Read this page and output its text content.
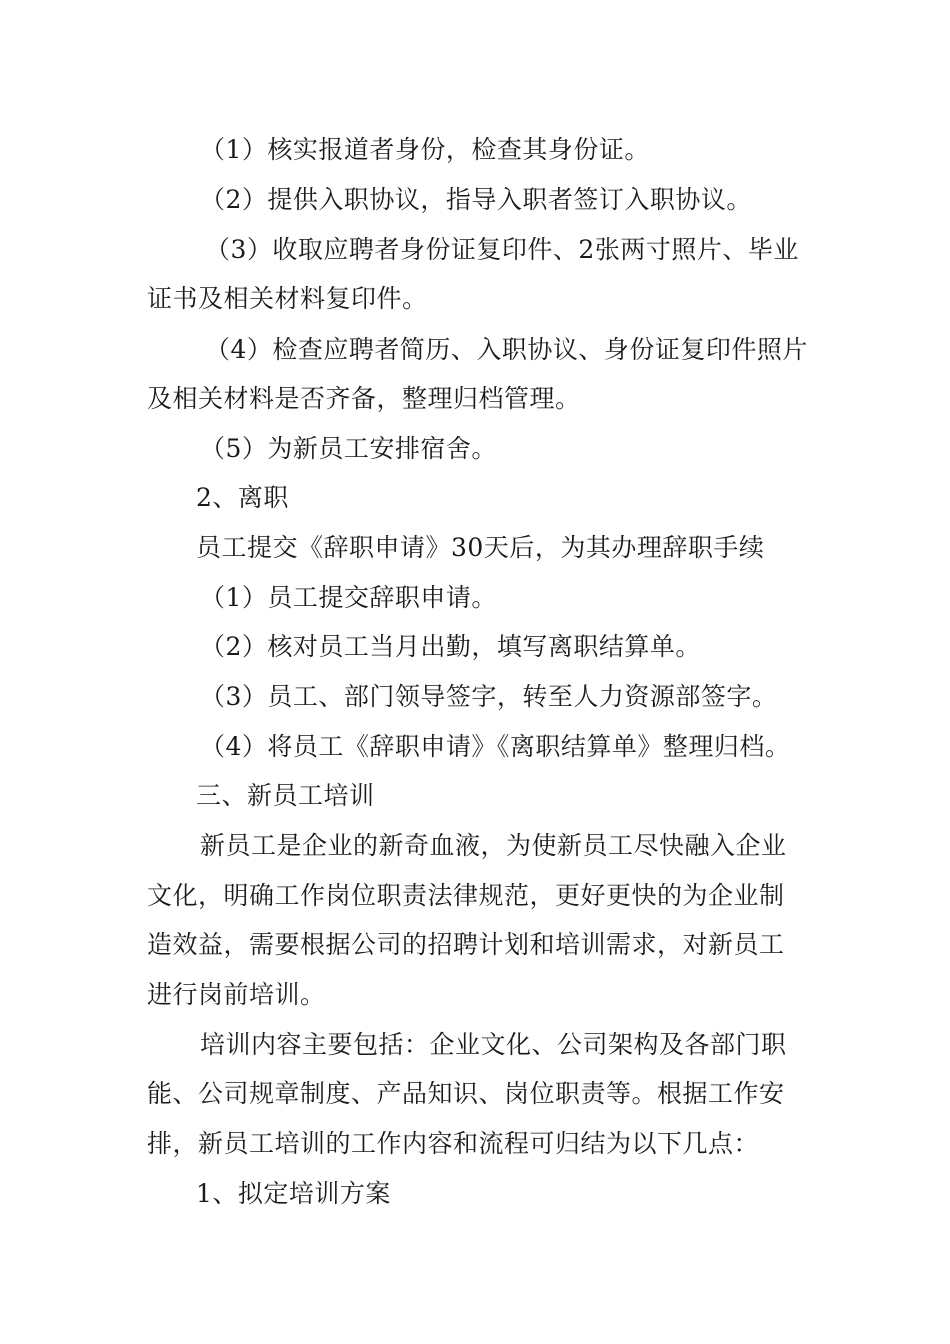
（1）核实报道者身份，检查其身份证。
（2）提供入职协议，指导入职者签订入职协议。
（3）收取应聘者身份证复印件、2张两寸照片、毕业
证书及相关材料复印件。
（4）检查应聘者简历、入职协议、身份证复印件照片
及相关材料是否齐备，整理归档管理。
（5）为新员工安排宿舍。
2、离职
员工提交《辞职申请》30天后，为其办理辞职手续
（1）员工提交辞职申请。
（2）核对员工当月出勤，填写离职结算单。
（3）员工、部门领导签字，转至人力资源部签字。
（4）将员工《辞职申请》《离职结算单》整理归档。
三、新员工培训
新员工是企业的新奇血液，为使新员工尽快融入企业
文化，明确工作岗位职责法律规范，更好更快的为企业制
造效益，需要根据公司的招聘计划和培训需求，对新员工
进行岗前培训。
培训内容主要包括：企业文化、公司架构及各部门职
能、公司规章制度、产品知识、岗位职责等。根据工作安
排，新员工培训的工作内容和流程可归结为以下几点：
1、拟定培训方案
